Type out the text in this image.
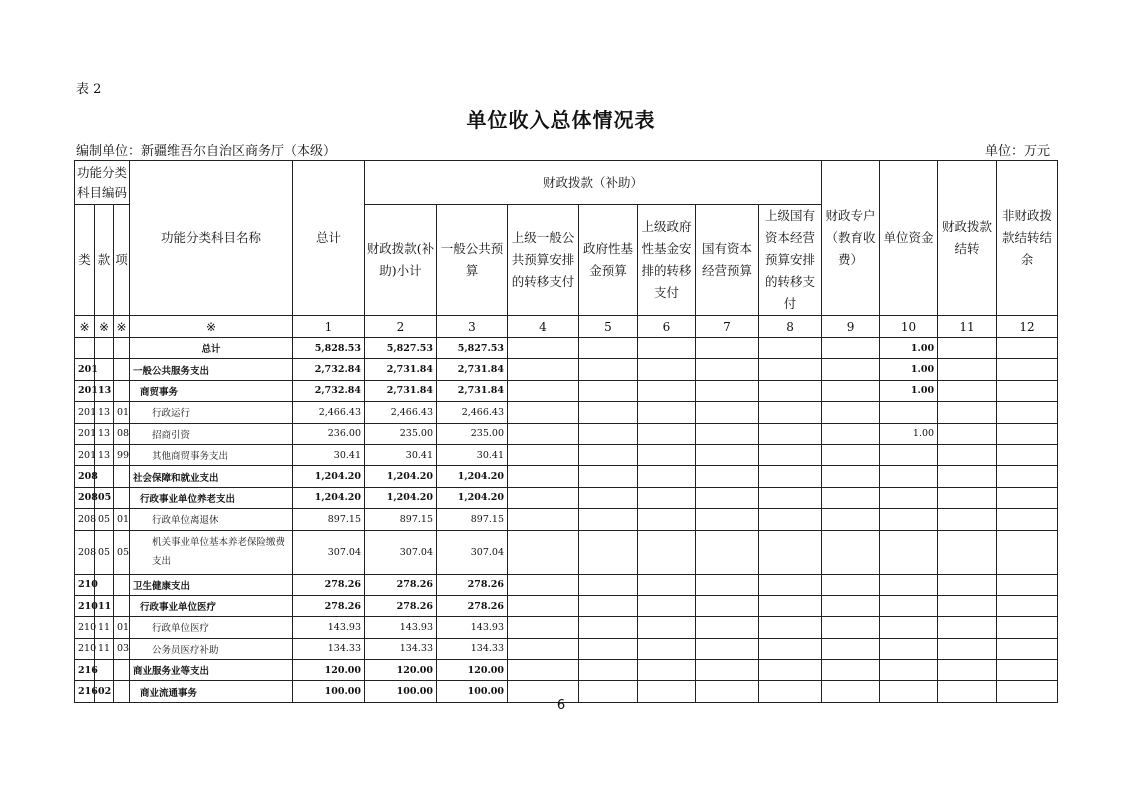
表 2
单位收入总体情况表
编制单位：新疆维吾尔自治区商务厅（本级）	单位：万元
功能分类科目编码			功能分类科目名称	总计	财政拨款（补助）							财政专户（教育收费）	单位资金	财政拨款结转	非财政拨款结转结余
类	款	项			财政拨款(补助)小计	一般公共预算	上级一般公共预算安排的转移支付	政府性基金预算	上级政府性基金安排的转移支付	国有资本经营预算	上级国有资本经营预算安排的转移支付				

※	※	※	※	1	2	3	4	5	6	7	8	9	10	11	12
			总计	5,828.53	5,827.53	5,827.53							1.00		
201			一般公共服务支出	2,732.84	2,731.84	2,731.84							1.00		
201	13		商贸事务	2,732.84	2,731.84	2,731.84							1.00		
201	13	01	行政运行	2,466.43	2,466.43	2,466.43									
201	13	08	招商引资	236.00	235.00	235.00							1.00		
201	13	99	其他商贸事务支出	30.41	30.41	30.41									
208			社会保障和就业支出	1,204.20	1,204.20	1,204.20									
208	05		行政事业单位养老支出	1,204.20	1,204.20	1,204.20									
208	05	01	行政单位离退休	897.15	897.15	897.15									
208	05	05	机关事业单位基本养老保险缴费支出	307.04	307.04	307.04									
210			卫生健康支出	278.26	278.26	278.26									
210	11		行政事业单位医疗	278.26	278.26	278.26									
210	11	01	行政单位医疗	143.93	143.93	143.93									
210	11	03	公务员医疗补助	134.33	134.33	134.33									
216			商业服务业等支出	120.00	120.00	120.00									
216	02		商业流通事务	100.00	100.00	100.00									
6
